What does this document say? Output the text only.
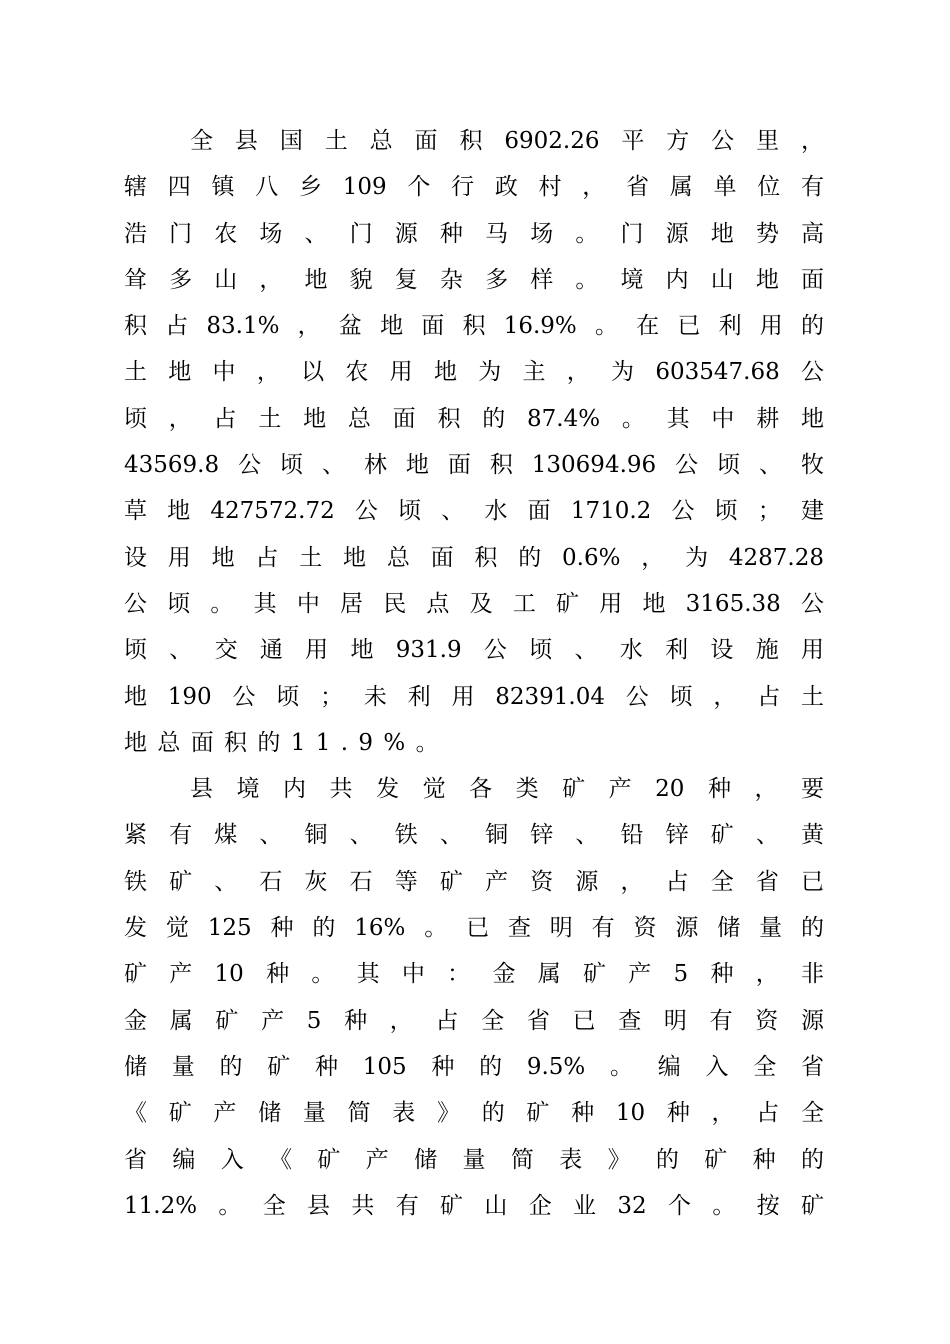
全县国土总面积6902.26平方公里，
辖四镇八乡109个行政村，省属单位有
浩门农场、门源种马场。门源地势高
耸多山，地貌复杂多样。境内山地面
积占83.1%，盆地面积16.9%。在已利用的
土地中，以农用地为主，为603547.68公
顷，占土地总面积的87.4%。其中耕地
43569.8公顷、林地面积130694.96公顷、牧
草地427572.72公顷、水面1710.2公顷；建
设用地占土地总面积的0.6%，为4287.28
公顷。其中居民点及工矿用地3165.38公
顷、交通用地931.9公顷、水利设施用
地190公顷；未利用82391.04公顷，占土
地总面积的11.9%。
县境内共发觉各类矿产20种，要
紧有煤、铜、铁、铜锌、铅锌矿、黄
铁矿、石灰石等矿产资源，占全省已
发觉125种的16%。已查明有资源储量的
矿产10种。其中：金属矿产5种，非
金属矿产5种，占全省已查明有资源
储量的矿种105种的9.5%。编入全省
《矿产储量简表》的矿种10种，占全
省编入《矿产储量简表》的矿种的
11.2%。全县共有矿山企业32个。按矿
